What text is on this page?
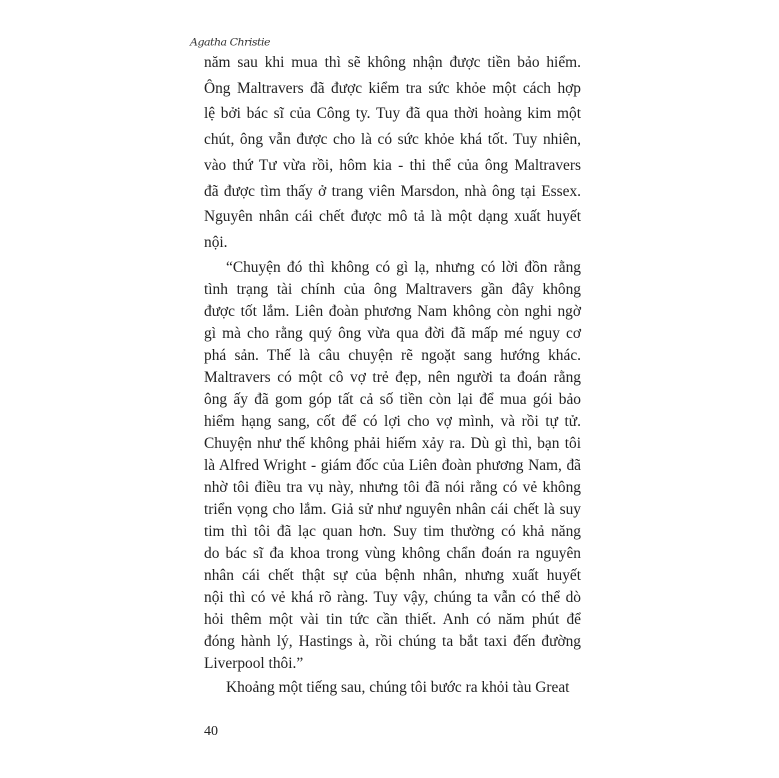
Agatha Christie
năm sau khi mua thì sẽ không nhận được tiền bảo hiểm.
Ông Maltravers đã được kiểm tra sức khỏe một cách hợp
lệ bởi bác sĩ của Công ty. Tuy đã qua thời hoàng kim một
chút, ông vẫn được cho là có sức khỏe khá tốt. Tuy nhiên,
vào thứ Tư vừa rồi, hôm kia - thi thể của ông Maltravers
đã được tìm thấy ở trang viên Marsdon, nhà ông tại Essex.
Nguyên nhân cái chết được mô tả là một dạng xuất huyết
nội.
“Chuyện đó thì không có gì lạ, nhưng có lời đồn rằng
tình trạng tài chính của ông Maltravers gần đây không
được tốt lắm. Liên đoàn phương Nam không còn nghi ngờ
gì mà cho rằng quý ông vừa qua đời đã mấp mé nguy cơ
phá sản. Thế là câu chuyện rẽ ngoặt sang hướng khác.
Maltravers có một cô vợ trẻ đẹp, nên người ta đoán rằng
ông ấy đã gom góp tất cả số tiền còn lại để mua gói bảo
hiểm hạng sang, cốt để có lợi cho vợ mình, và rồi tự tử.
Chuyện như thế không phải hiếm xảy ra. Dù gì thì, bạn tôi
là Alfred Wright - giám đốc của Liên đoàn phương Nam, đã
nhờ tôi điều tra vụ này, nhưng tôi đã nói rằng có vẻ không
triển vọng cho lắm. Giả sử như nguyên nhân cái chết là suy
tim thì tôi đã lạc quan hơn. Suy tim thường có khả năng
do bác sĩ đa khoa trong vùng không chẩn đoán ra nguyên
nhân cái chết thật sự của bệnh nhân, nhưng xuất huyết
nội thì có vẻ khá rõ ràng. Tuy vậy, chúng ta vẫn có thể dò
hỏi thêm một vài tin tức cần thiết. Anh có năm phút để
đóng hành lý, Hastings à, rồi chúng ta bắt taxi đến đường
Liverpool thôi.”
Khoảng một tiếng sau, chúng tôi bước ra khỏi tàu Great
40
